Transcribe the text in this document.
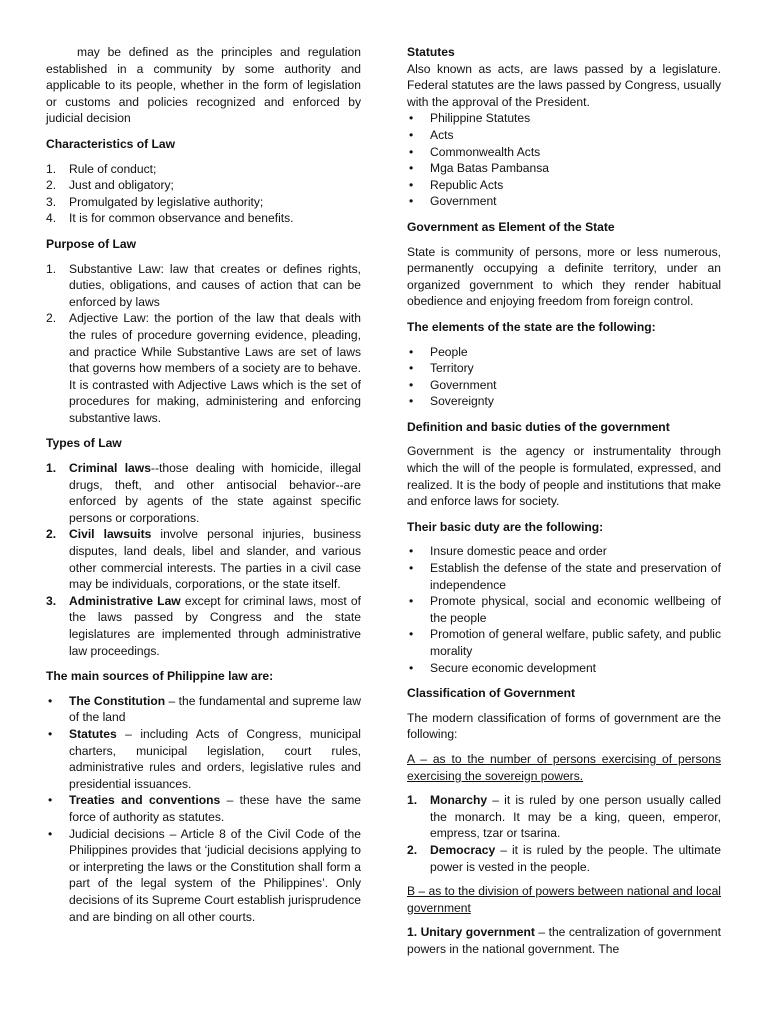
may be defined as the principles and regulation established in a community by some authority and applicable to its people, whether in the form of legislation or customs and policies recognized and enforced by judicial decision

Characteristics of Law
1. Rule of conduct;
2. Just and obligatory;
3. Promulgated by legislative authority;
4. It is for common observance and benefits.
Purpose of Law
1. Substantive Law: law that creates or defines rights, duties, obligations, and causes of action that can be enforced by laws
2. Adjective Law: the portion of the law that deals with the rules of procedure governing evidence, pleading, and practice While Substantive Laws are set of laws that governs how members of a society are to behave. It is contrasted with Adjective Laws which is the set of procedures for making, administering and enforcing substantive laws.
Types of Law
1. Criminal laws--those dealing with homicide, illegal drugs, theft, and other antisocial behavior--are enforced by agents of the state against specific persons or corporations.
2. Civil lawsuits involve personal injuries, business disputes, land deals, libel and slander, and various other commercial interests. The parties in a civil case may be individuals, corporations, or the state itself.
3. Administrative Law except for criminal laws, most of the laws passed by Congress and the state legislatures are implemented through administrative law proceedings.
The main sources of Philippine law are:
• The Constitution – the fundamental and supreme law of the land
• Statutes – including Acts of Congress, municipal charters, municipal legislation, court rules, administrative rules and orders, legislative rules and presidential issuances.
• Treaties and conventions – these have the same force of authority as statutes.
• Judicial decisions – Article 8 of the Civil Code of the Philippines provides that ‘judicial decisions applying to or interpreting the laws or the Constitution shall form a part of the legal system of the Philippines’. Only decisions of its Supreme Court establish jurisprudence and are binding on all other courts.
Statutes

Also known as acts, are laws passed by a legislature. Federal statutes are the laws passed by Congress, usually with the approval of the President.

• Philippine Statutes
• Acts
• Commonwealth Acts
• Mga Batas Pambansa
• Republic Acts
• Government
Government as Element of the State

State is community of persons, more or less numerous, permanently occupying a definite territory, under an organized government to which they render habitual obedience and enjoying freedom from foreign control.

The elements of the state are the following:
• People
• Territory
• Government
• Sovereignty
Definition and basic duties of the government

Government is the agency or instrumentality through which the will of the people is formulated, expressed, and realized. It is the body of people and institutions that make and enforce laws for society.

Their basic duty are the following:
• Insure domestic peace and order
• Establish the defense of the state and preservation of independence
• Promote physical, social and economic wellbeing of the people
• Promotion of general welfare, public safety, and public morality
• Secure economic development
Classification of Government

The modern classification of forms of government are the following:

A – as to the number of persons exercising of persons exercising the sovereign powers.

1. Monarchy – it is ruled by one person usually called the monarch. It may be a king, queen, emperor, empress, tzar or tsarina.
2. Democracy – it is ruled by the people. The ultimate power is vested in the people.

B – as to the division of powers between national and local government

1. Unitary government – the centralization of government powers in the national government. The
